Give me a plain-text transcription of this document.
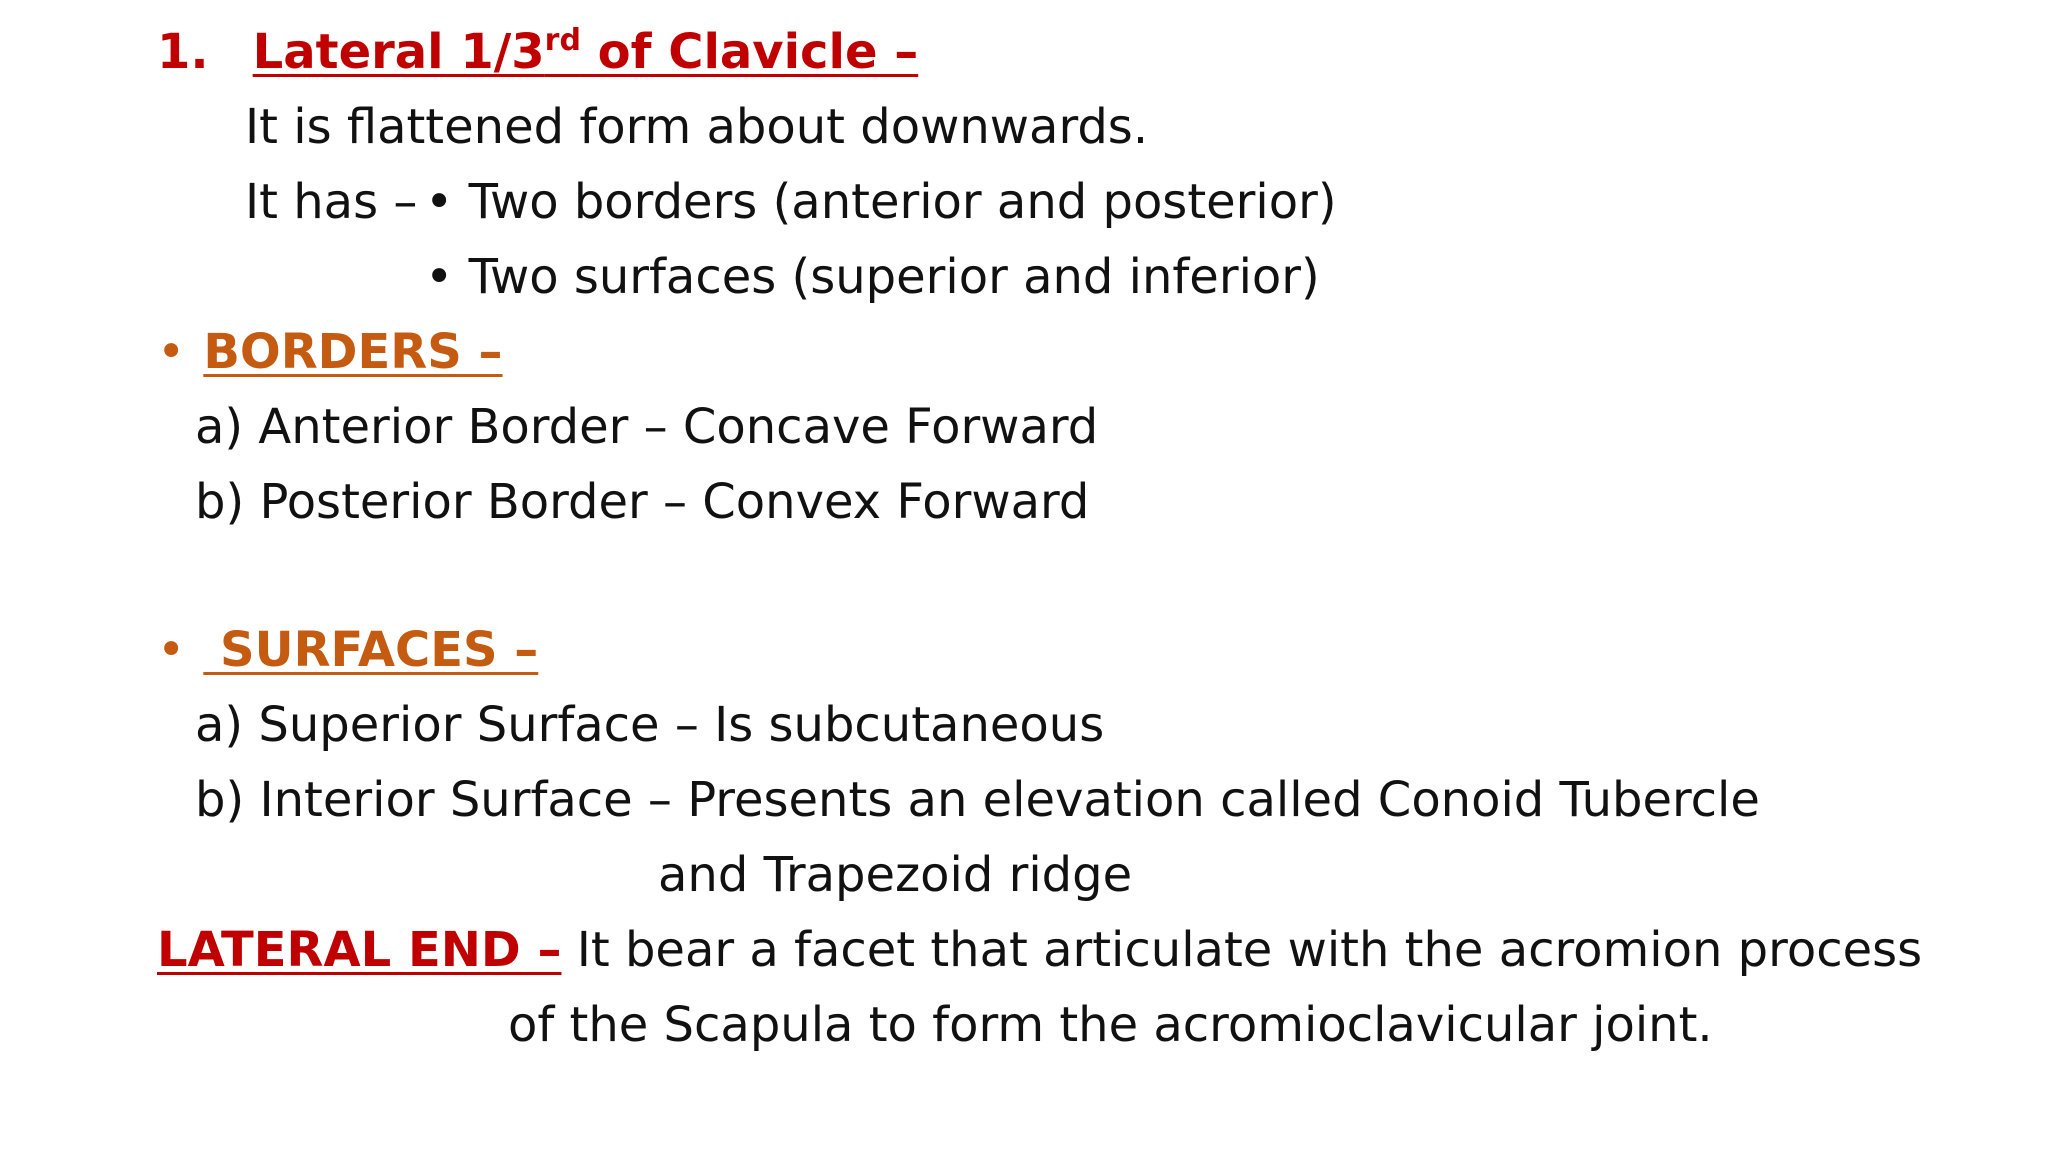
1. Lateral 1/3rd of Clavicle –
It is flattened form about downwards.
It has – • Two borders (anterior and posterior)
• Two surfaces (superior and inferior)
• BORDERS –
a) Anterior Border – Concave Forward
b) Posterior Border – Convex Forward
• SURFACES –
a) Superior Surface – Is subcutaneous
b) Interior Surface – Presents an elevation called Conoid Tubercle
and Trapezoid ridge
LATERAL END – It bear a facet that articulate with the acromion process
of the Scapula to form the acromioclavicular joint.
